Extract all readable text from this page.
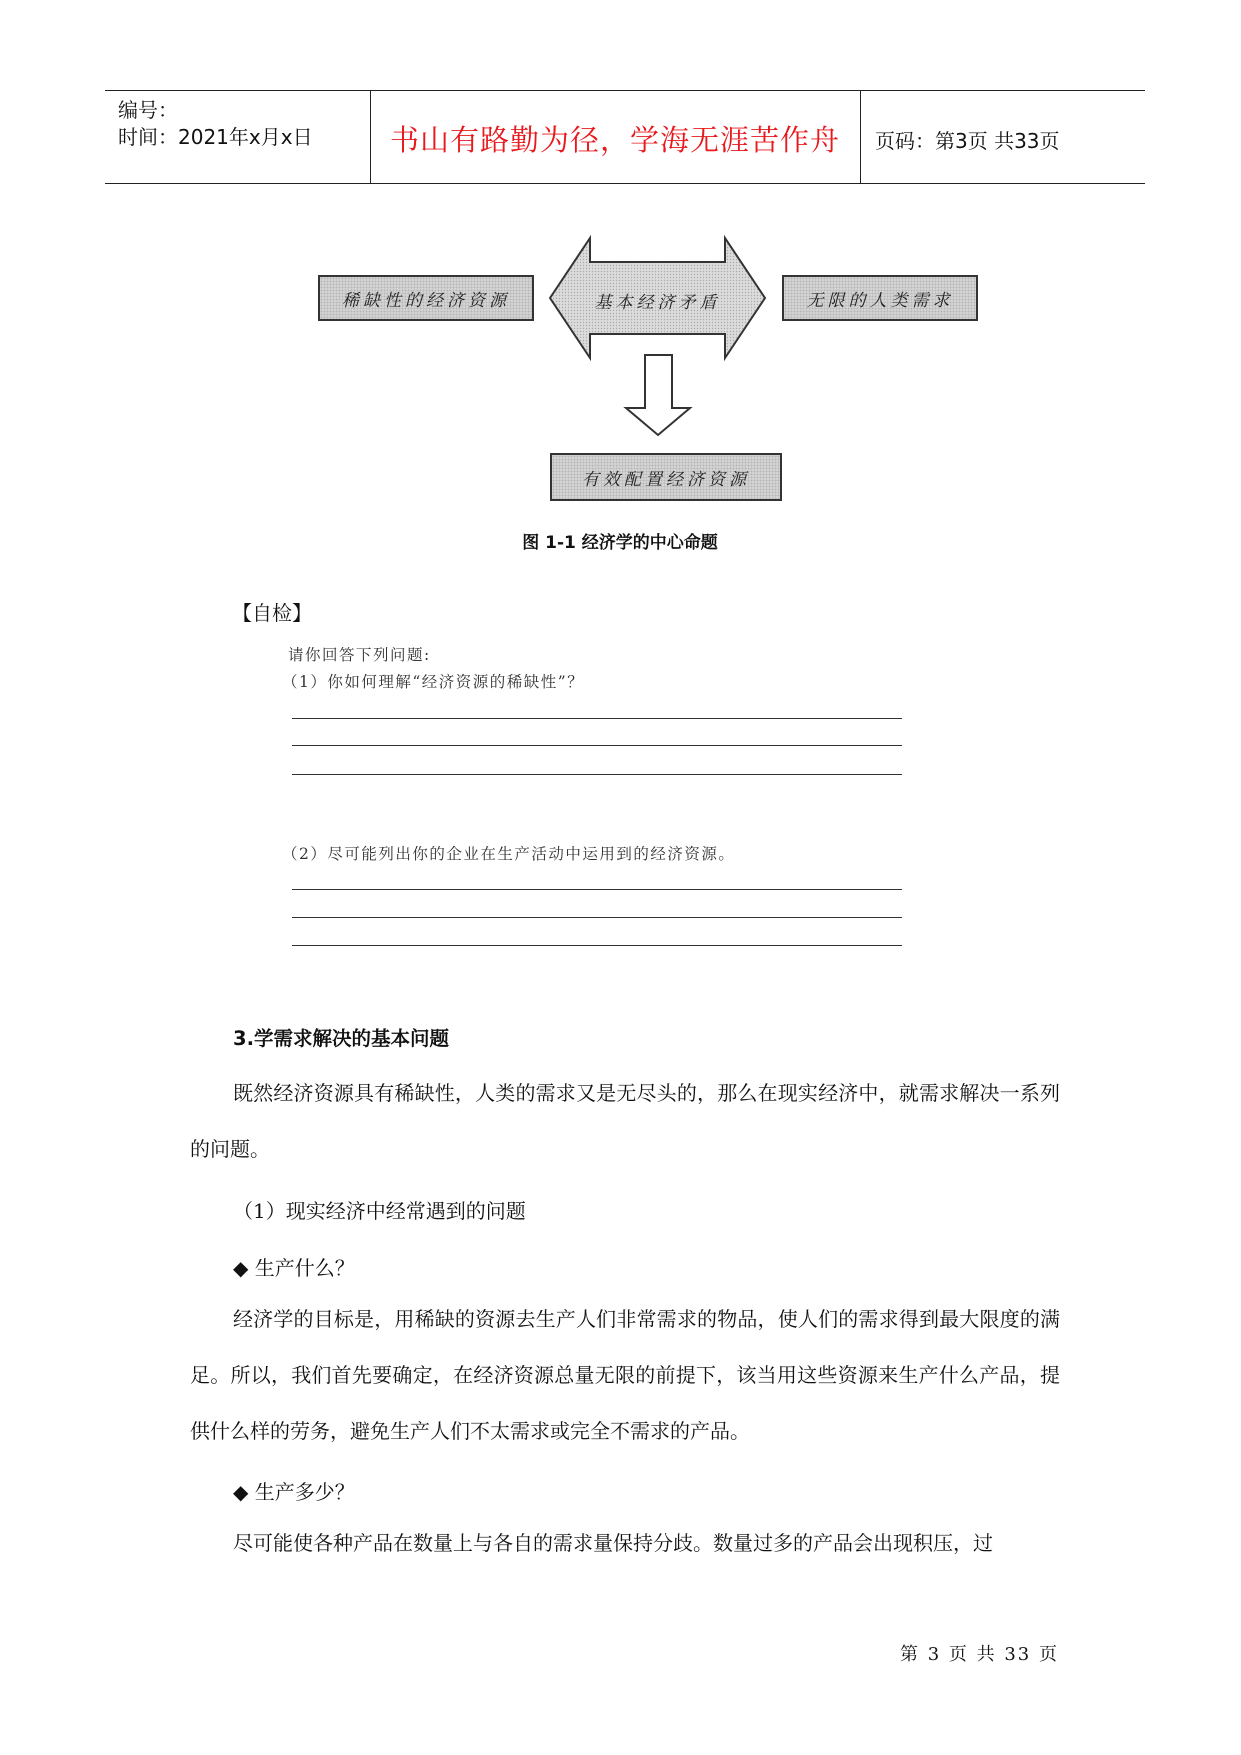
编号：
时间：2021年x月x日	书山有路勤为径，学海无涯苦作舟	页码：第3页 共33页
稀缺性的经济资源	基本经济矛盾	无限的人类需求
有效配置经济资源
图 1-1 经济学的中心命题
【自检】
请你回答下列问题:
（1）你如何理解“经济资源的稀缺性”？
（2）尽可能列出你的企业在生产活动中运用到的经济资源。
3.学需求解决的基本问题
既然经济资源具有稀缺性，人类的需求又是无尽头的，那么在现实经济中，就需求解决一系列的问题。
（1）现实经济中经常遇到的问题
◆ 生产什么？
经济学的目标是，用稀缺的资源去生产人们非常需求的物品，使人们的需求得到最大限度的满足。所以，我们首先要确定，在经济资源总量无限的前提下，该当用这些资源来生产什么产品，提供什么样的劳务，避免生产人们不太需求或完全不需求的产品。
◆ 生产多少？
尽可能使各种产品在数量上与各自的需求量保持分歧。数量过多的产品会出现积压，过
第 3 页 共 33 页
